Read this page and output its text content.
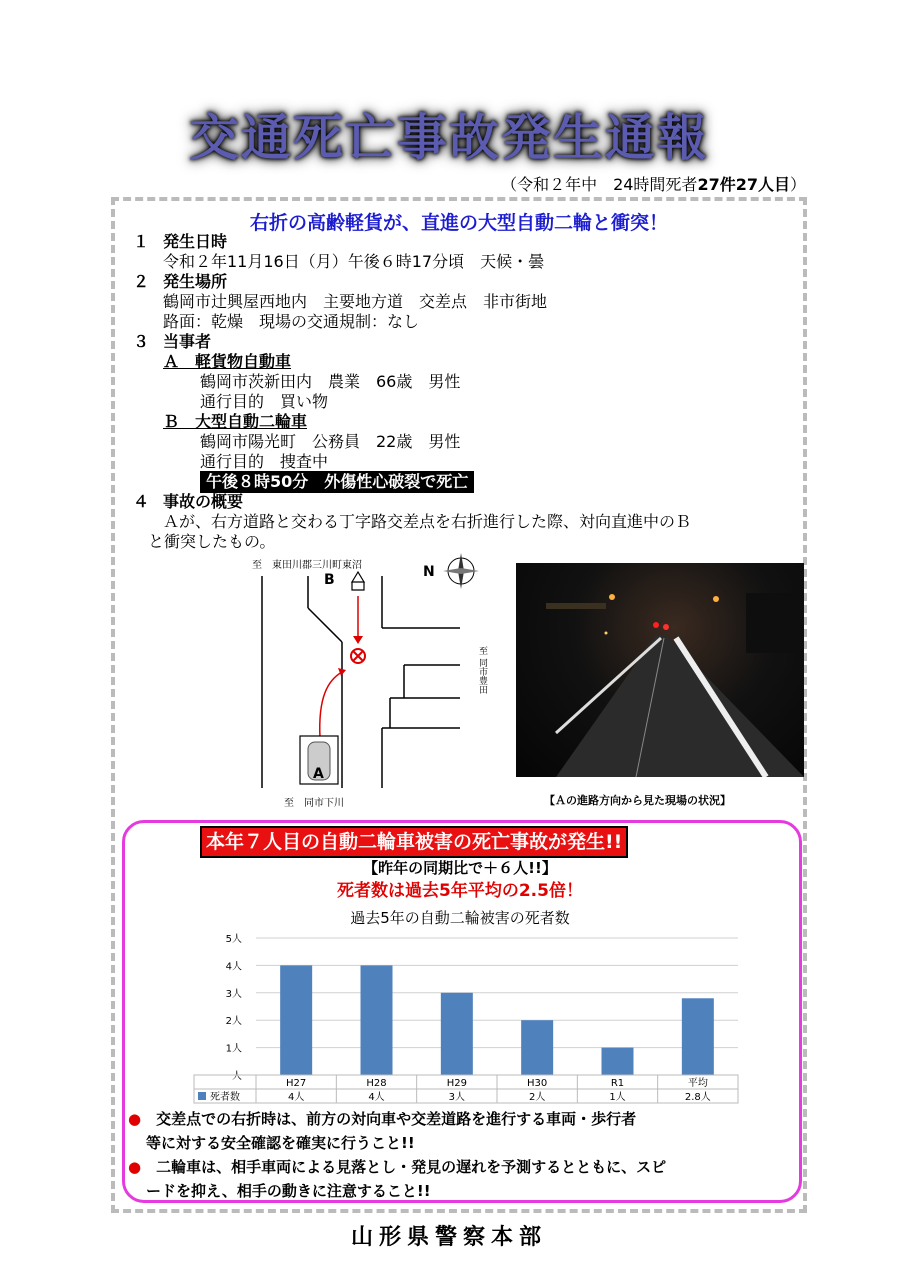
交通死亡事故発生通報
（令和２年中　24時間死者27件27人目）
右折の高齢軽貨が、直進の大型自動二輪と衝突！
１ 発生日時
令和２年11月16日（月）午後６時17分頃　天候・曇
２ 発生場所
鶴岡市辻興屋西地内　主要地方道　交差点　非市街地
路面：乾燥　現場の交通規制：なし
３ 当事者
Ａ　軽貨物自動車
鶴岡市茨新田内　農業　66歳　男性
通行目的　買い物
Ｂ　大型自動二輪車
鶴岡市陽光町　公務員　22歳　男性
通行目的　捜査中
午後８時50分　外傷性心破裂で死亡
４ 事故の概要
Ａが、右方道路と交わる丁字路交差点を右折進行した際、対向直進中のＢ
と衝突したもの。
至　東田川郡三川町東沼
B
A
N
至 同市豊田
至　同市下川	【Ａの進路方向から見た現場の状況】
本年７人目の自動二輪車被害の死亡事故が発生!!
【昨年の同期比で＋６人!!】
死者数は過去5年平均の2.5倍！
過去5年の自動二輪被害の死者数
人
1人
2人
3人
4人
5人
H27
4人
H28
4人
H29
3人
H30
2人
R1
1人
平均
2.8人
死者数
●　 交差点での右折時は、前方の対向車や交差道路を進行する車両・歩行者
等に対する安全確認を確実に行うこと!!
●　 二輪車は、相手車両による見落とし・発見の遅れを予測するとともに、スピ
ードを抑え、相手の動きに注意すること!!
山形県警察本部
